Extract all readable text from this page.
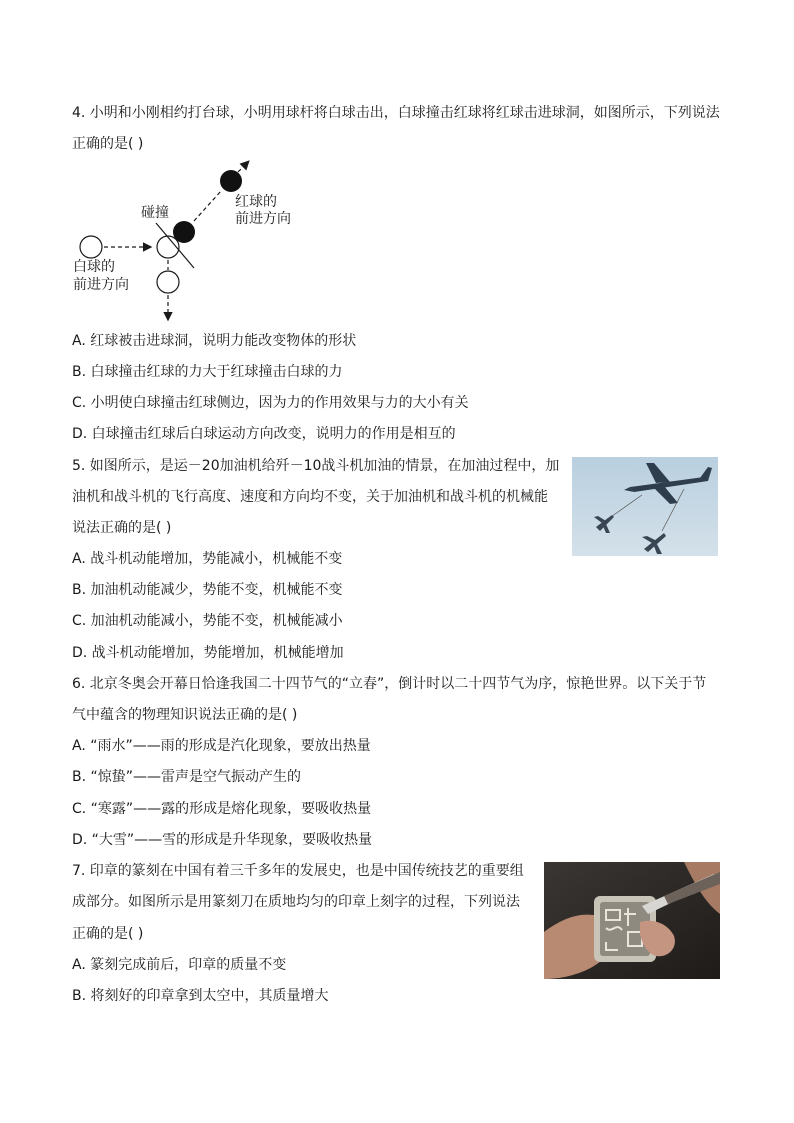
4. 小明和小刚相约打台球，小明用球杆将白球击出，白球撞击红球将红球击进球洞，如图所示，下列说法
正确的是( )
碰撞
红球的
前进方向
白球的
前进方向
A. 红球被击进球洞，说明力能改变物体的形状
B. 白球撞击红球的力大于红球撞击白球的力
C. 小明使白球撞击红球侧边，因为力的作用效果与力的大小有关
D. 白球撞击红球后白球运动方向改变，说明力的作用是相互的
5. 如图所示，是运－20加油机给歼－10战斗机加油的情景，在加油过程中，加
油机和战斗机的飞行高度、速度和方向均不变，关于加油机和战斗机的机械能
说法正确的是( )
A. 战斗机动能增加，势能减小，机械能不变
B. 加油机动能减少，势能不变，机械能不变
C. 加油机动能减小，势能不变，机械能减小
D. 战斗机动能增加，势能增加，机械能增加
6. 北京冬奥会开幕日恰逢我国二十四节气的“立春”，倒计时以二十四节气为序，惊艳世界。以下关于节
气中蕴含的物理知识说法正确的是( )
A. “雨水”——雨的形成是汽化现象，要放出热量
B. “惊蛰”——雷声是空气振动产生的
C. “寒露”——露的形成是熔化现象，要吸收热量
D. “大雪”——雪的形成是升华现象，要吸收热量
7. 印章的篆刻在中国有着三千多年的发展史，也是中国传统技艺的重要组
成部分。如图所示是用篆刻刀在质地均匀的印章上刻字的过程，下列说法
正确的是( )
A. 篆刻完成前后，印章的质量不变
B. 将刻好的印章拿到太空中，其质量增大
